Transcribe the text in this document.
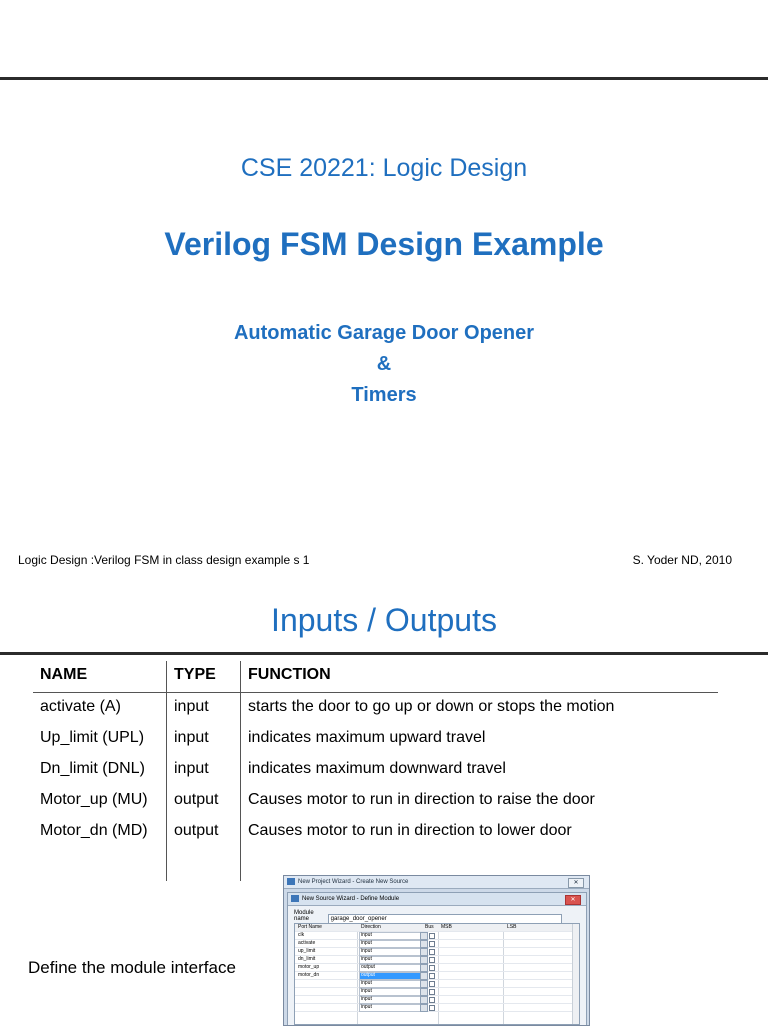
CSE 20221: Logic Design
Verilog FSM Design Example
Automatic Garage Door Opener
&
Timers
Logic Design :Verilog FSM in class design example s 1	S. Yoder ND, 2010
Inputs / Outputs
NAME	TYPE FUNCTION
activate (A)	input starts the door to go up or down or stops the motion
Up_limit (UPL) input indicates maximum upward travel
Dn_limit (DNL) input indicates maximum downward travel
Motor_up (MU) output Causes motor to run in direction to raise the door
Motor_dn (MD) output Causes motor to run in direction to lower door
Define the module interface
New Project Wizard - Create New Source	✕
New Source Wizard - Define Module	✕
Module name	garage_door_opener
Port Name	Direction	Bus MSB	LSB
clk	input
activate	input
up_limit	input
dn_limit	input
motor_up	output
motor_dn	output
input
input
input
input
